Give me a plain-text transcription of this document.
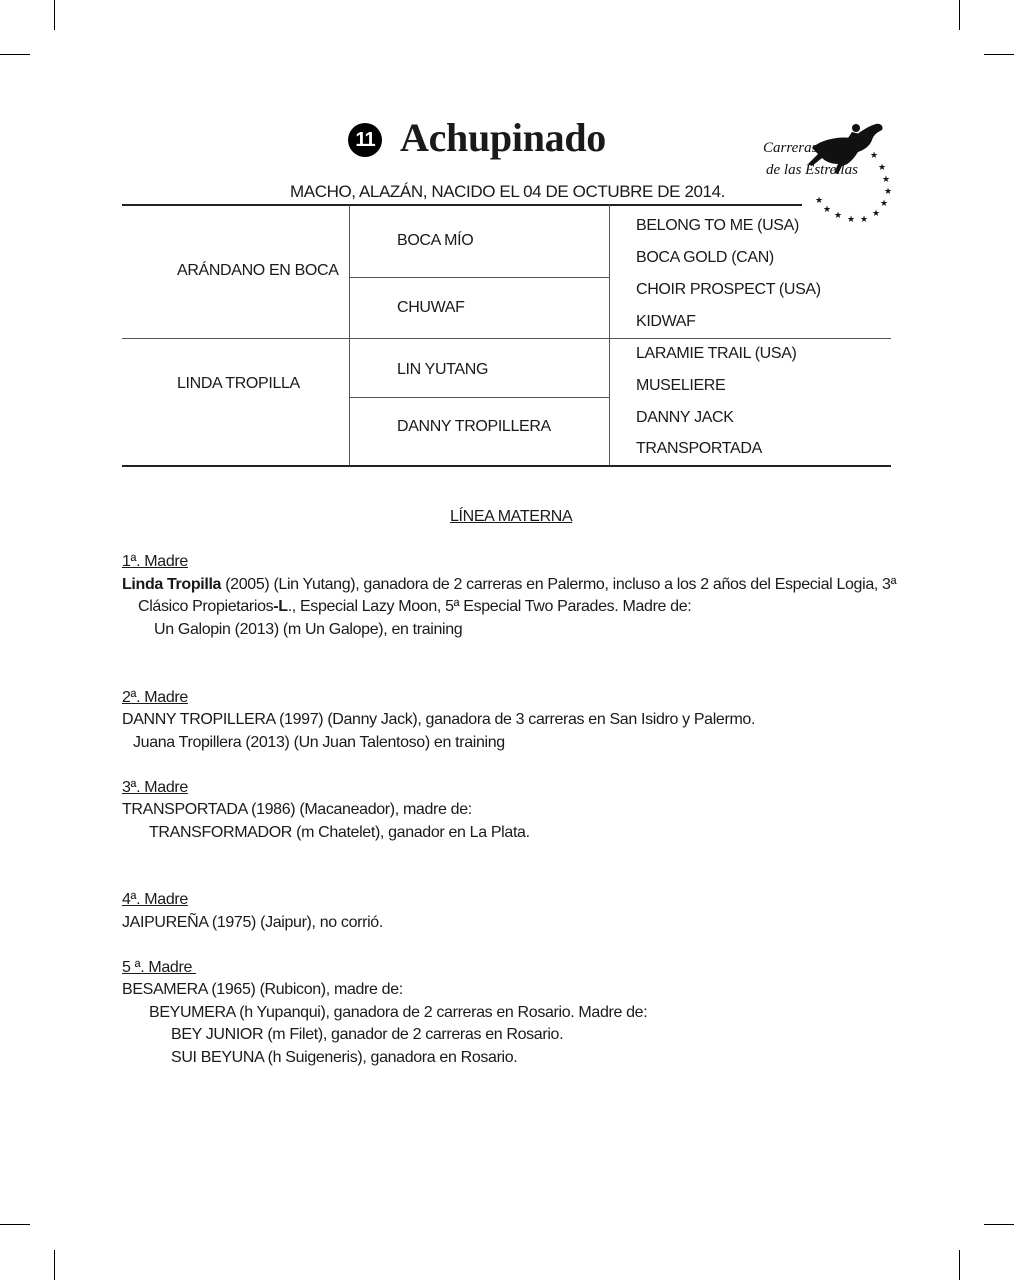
11 Achupinado
MACHO, ALAZÁN, NACIDO EL 04 DE OCTUBRE DE 2014.
★
★
★
★
★
★
★
★
★
★
★
Carreras
de las Estrellas
ARÁNDANO EN BOCA
LINDA TROPILLA
BOCA MÍO
CHUWAF
LIN YUTANG
DANNY TROPILLERA
BELONG TO ME (USA)
BOCA GOLD (CAN)
CHOIR PROSPECT (USA)
KIDWAF
LARAMIE TRAIL (USA)
MUSELIERE
DANNY JACK
TRANSPORTADA
LÍNEA MATERNA
1ª. Madre
Linda Tropilla (2005) (Lin Yutang), ganadora de 2 carreras en Palermo, incluso a los 2 años del Especial Logia, 3ª
Clásico Propietarios-L., Especial Lazy Moon, 5ª Especial Two Parades. Madre de:
Un Galopin (2013) (m Un Galope), en training
2ª. Madre
DANNY TROPILLERA (1997) (Danny Jack), ganadora de 3 carreras en San Isidro y Palermo.
Juana Tropillera (2013) (Un Juan Talentoso) en training
3ª. Madre
TRANSPORTADA (1986) (Macaneador), madre de:
TRANSFORMADOR (m Chatelet), ganador en La Plata.
4ª. Madre
JAIPUREÑA (1975) (Jaipur), no corrió.
5 ª. Madre
BESAMERA (1965) (Rubicon), madre de:
BEYUMERA (h Yupanqui), ganadora de 2 carreras en Rosario. Madre de:
BEY JUNIOR (m Filet), ganador de 2 carreras en Rosario.
SUI BEYUNA (h Suigeneris), ganadora en Rosario.
